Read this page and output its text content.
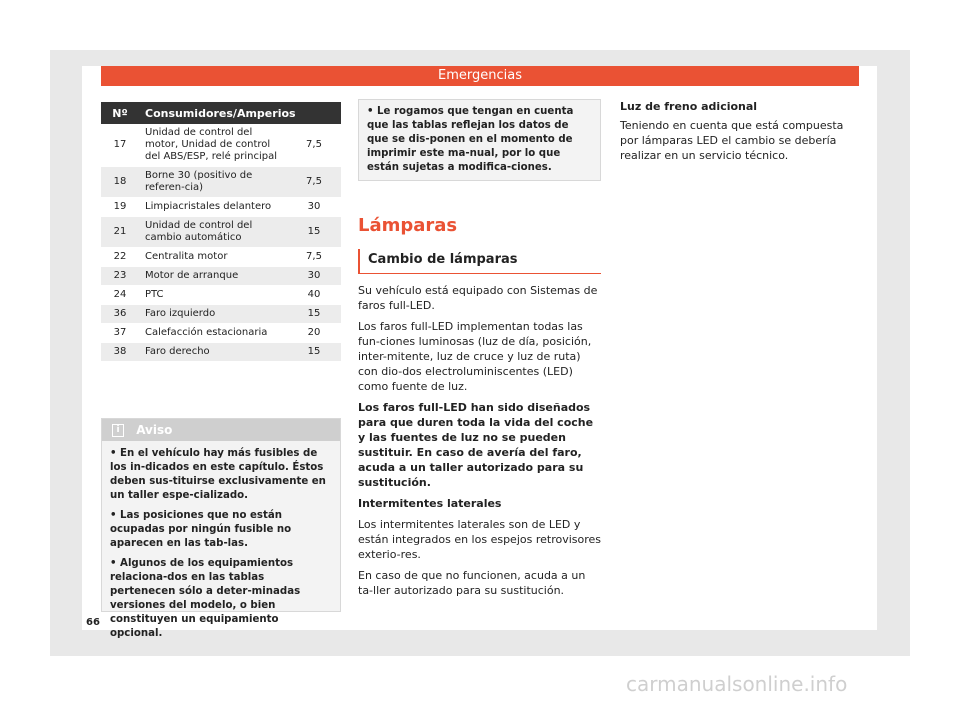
Emergencias
Nº	Consumidores/Amperios	
17	Unidad de control del motor, Unidad de control del ABS/ESP, relé principal	7,5
18	Borne 30 (positivo de referen-cia)	7,5
19	Limpiacristales delantero	30
21	Unidad de control del cambio automático	15
22	Centralita motor	7,5
23	Motor de arranque	30
24	PTC	40
36	Faro izquierdo	15
37	Calefacción estacionaria	20
38	Faro derecho	15
i Aviso

• En el vehículo hay más fusibles de los in-dicados en este capítulo. Éstos deben sus-tituirse exclusivamente en un taller espe-cializado.

• Las posiciones que no están ocupadas por ningún fusible no aparecen en las tab-las.

• Algunos de los equipamientos relaciona-dos en las tablas pertenecen sólo a deter-minadas versiones del modelo, o bien constituyen un equipamiento opcional.

• Le rogamos que tengan en cuenta que las tablas reflejan los datos de que se dis-ponen en el momento de imprimir este ma-nual, por lo que están sujetas a modifica-ciones.
Lámparas
Cambio de lámparas

Su vehículo está equipado con Sistemas de faros full-LED.

Los faros full-LED implementan todas las fun-ciones luminosas (luz de día, posición, inter-mitente, luz de cruce y luz de ruta) con dio-dos electroluminiscentes (LED) como fuente de luz.

Los faros full-LED han sido diseñados para que duren toda la vida del coche y las fuentes de luz no se pueden sustituir. En caso de avería del faro, acuda a un taller autorizado para su sustitución.

Intermitentes laterales

Los intermitentes laterales son de LED y están integrados en los espejos retrovisores exterio-res.

En caso de que no funcionen, acuda a un ta-ller autorizado para su sustitución.

Luz de freno adicional

Teniendo en cuenta que está compuesta por lámparas LED el cambio se debería realizar en un servicio técnico.

66
carmanualsonline.info
